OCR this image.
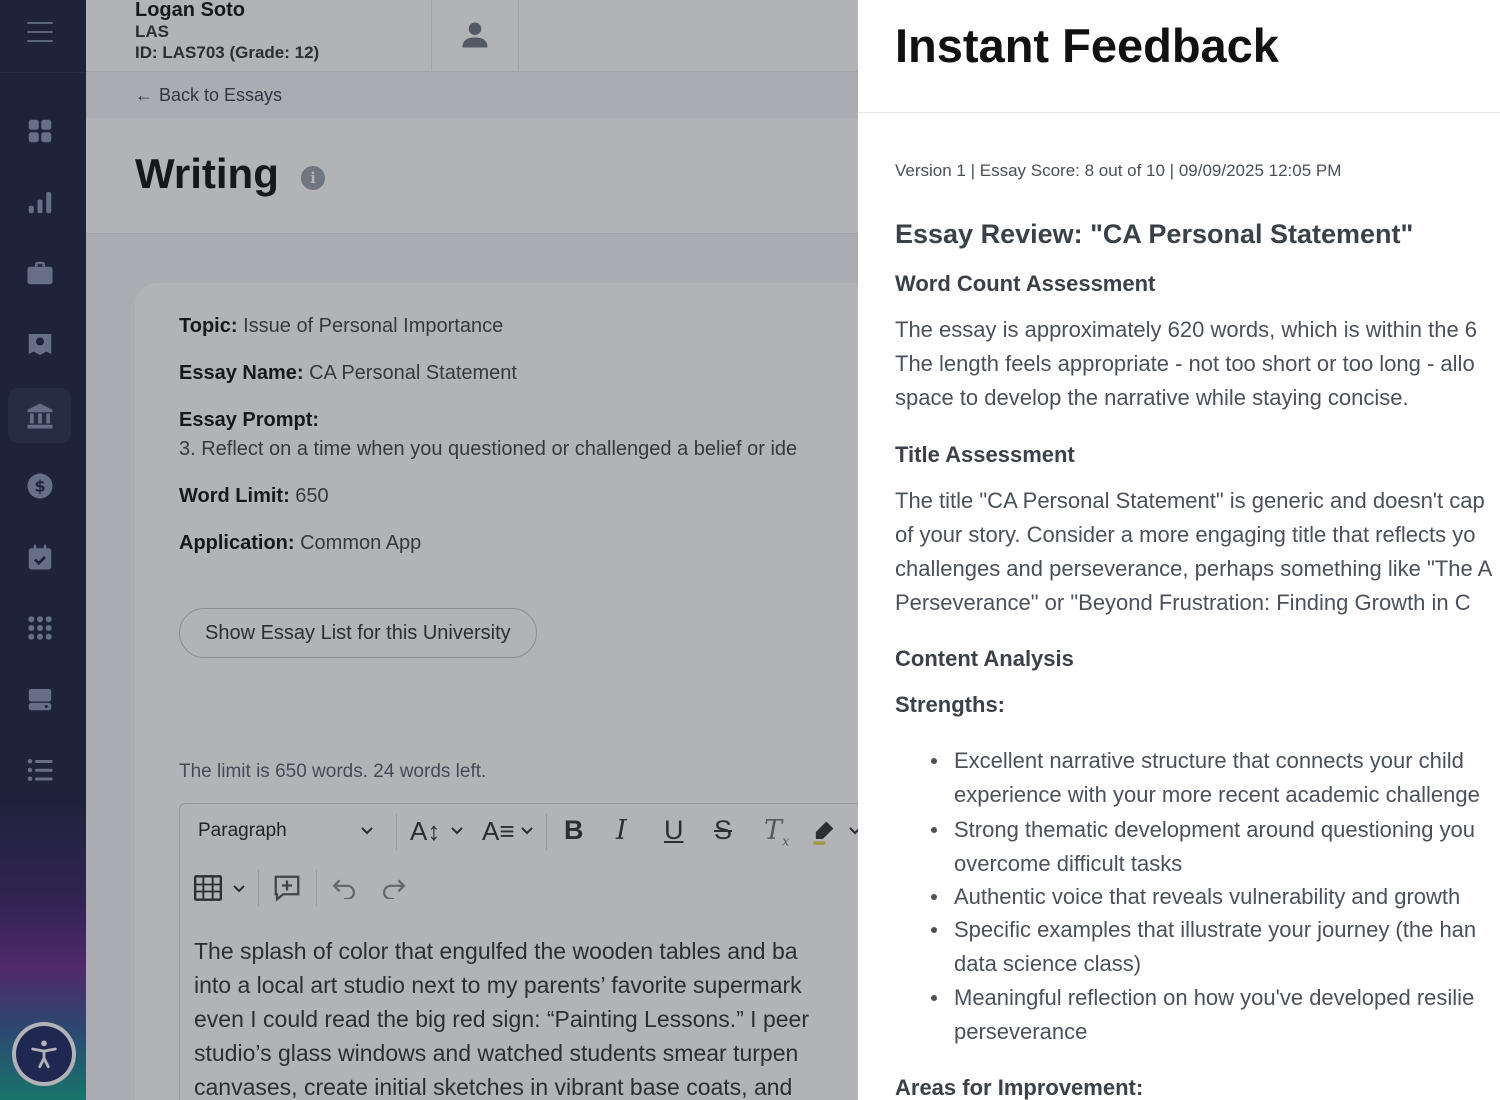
$
Logan Soto
LAS
ID: LAS703 (Grade: 12)
← Back to Essays
Writing	i
Topic: Issue of Personal Importance
Essay Name: CA Personal Statement
Essay Prompt:
3. Reflect on a time when you questioned or challenged a belief or ide
Word Limit: 650
Application: Common App
Show Essay List for this University
The limit is 650 words. 24 words left.
Paragraph	A↕ A≡ B I U S $T_x$
The splash of color that engulfed the wooden tables and ba
into a local art studio next to my parents’ favorite supermark
even I could read the big red sign: “Painting Lessons.” I peer
studio’s glass windows and watched students smear turpen
canvases, create initial sketches in vibrant base coats, and
Instant Feedback
Version 1 | Essay Score: 8 out of 10 | 09/09/2025 12:05 PM
Essay Review: "CA Personal Statement"
Word Count Assessment
The essay is approximately 620 words, which is within the 6
The length feels appropriate - not too short or too long - allo
space to develop the narrative while staying concise.
Title Assessment
The title "CA Personal Statement" is generic and doesn't cap
of your story. Consider a more engaging title that reflects yo
challenges and perseverance, perhaps something like "The A
Perseverance" or "Beyond Frustration: Finding Growth in C
Content Analysis
Strengths:
Excellent narrative structure that connects your child
experience with your more recent academic challenge
Strong thematic development around questioning you
overcome difficult tasks
Authentic voice that reveals vulnerability and growth
Specific examples that illustrate your journey (the han
data science class)
Meaningful reflection on how you've developed resilie
perseverance
Areas for Improvement:
